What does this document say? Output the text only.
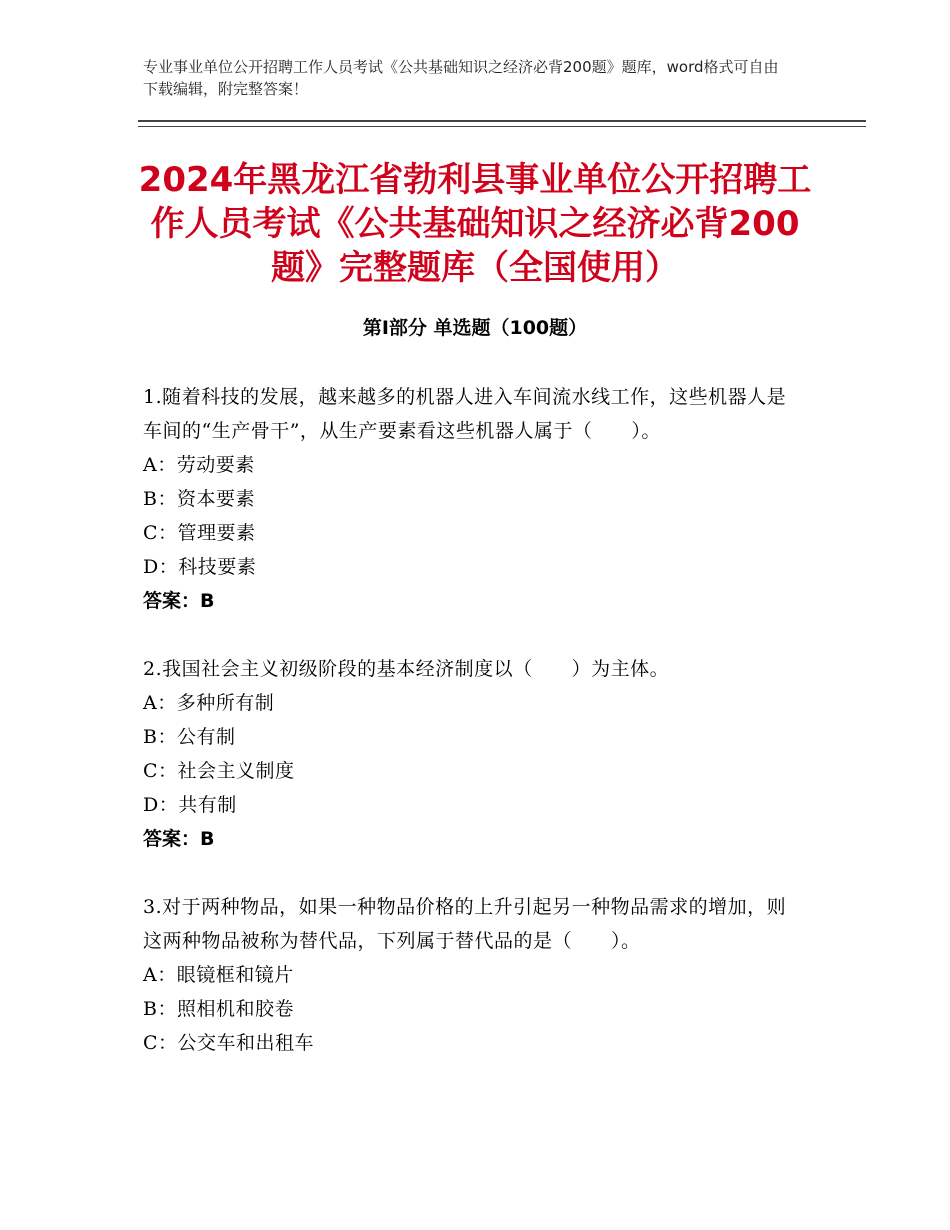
专业事业单位公开招聘工作人员考试《公共基础知识之经济必背200题》题库，word格式可自由下载编辑，附完整答案！
2024年黑龙江省勃利县事业单位公开招聘工作人员考试《公共基础知识之经济必背200题》完整题库（全国使用）
第Ⅰ部分 单选题（100题）
1.随着科技的发展，越来越多的机器人进入车间流水线工作，这些机器人是车间的“生产骨干”，从生产要素看这些机器人属于（　　）。
A：劳动要素
B：资本要素
C：管理要素
D：科技要素
答案：B
2.我国社会主义初级阶段的基本经济制度以（　　）为主体。
A：多种所有制
B：公有制
C：社会主义制度
D：共有制
答案：B
3.对于两种物品，如果一种物品价格的上升引起另一种物品需求的增加，则这两种物品被称为替代品，下列属于替代品的是（　　）。
A：眼镜框和镜片
B：照相机和胶卷
C：公交车和出租车
